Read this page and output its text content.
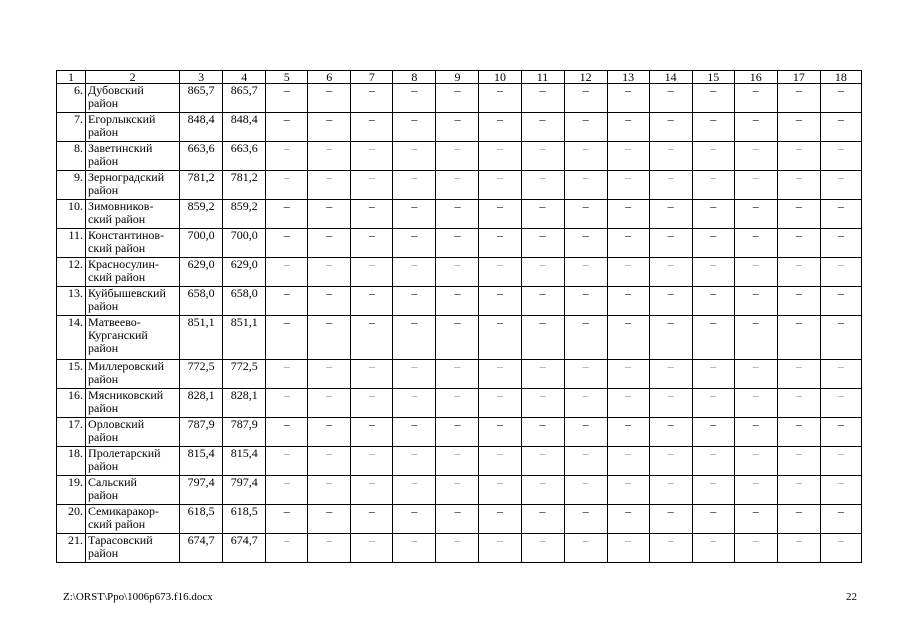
1	2	3	4	5	6	7	8	9	10	11	12	13	14	15	16	17	18
6.	Дубовский
район	865,7	865,7	–	–	–	–	–	–	–	–	–	–	–	–	–	–
7.	Егорлыкский
район	848,4	848,4	–	–	–	–	–	–	–	–	–	–	–	–	–	–
8.	Заветинский
район	663,6	663,6	–	–	–	–	–	–	–	–	–	–	–	–	–	–
9.	Зерноградский
район	781,2	781,2	–	–	–	–	–	–	–	–	–	–	–	–	–	–
10.	Зимовников-
ский район	859,2	859,2	–	–	–	–	–	–	–	–	–	–	–	–	–	–
11.	Константинов-
ский район	700,0	700,0	–	–	–	–	–	–	–	–	–	–	–	–	–	–
12.	Красносулин-
ский район	629,0	629,0	–	–	–	–	–	–	–	–	–	–	–	–	–	–
13.	Куйбышевский
район	658,0	658,0	–	–	–	–	–	–	–	–	–	–	–	–	–	–
14.	Матвеево-
Курганский
район	851,1	851,1	–	–	–	–	–	–	–	–	–	–	–	–	–	–
15.	Миллеровский
район	772,5	772,5	–	–	–	–	–	–	–	–	–	–	–	–	–	–
16.	Мясниковский
район	828,1	828,1	–	–	–	–	–	–	–	–	–	–	–	–	–	–
17.	Орловский
район	787,9	787,9	–	–	–	–	–	–	–	–	–	–	–	–	–	–
18.	Пролетарский
район	815,4	815,4	–	–	–	–	–	–	–	–	–	–	–	–	–	–
19.	Сальский
район	797,4	797,4	–	–	–	–	–	–	–	–	–	–	–	–	–	–
20.	Семикаракор-
ский район	618,5	618,5	–	–	–	–	–	–	–	–	–	–	–	–	–	–
21.	Тарасовский
район	674,7	674,7	–	–	–	–	–	–	–	–	–	–	–	–	–	–
Z:\ORST\Ppo\1006p673.f16.docx	22
